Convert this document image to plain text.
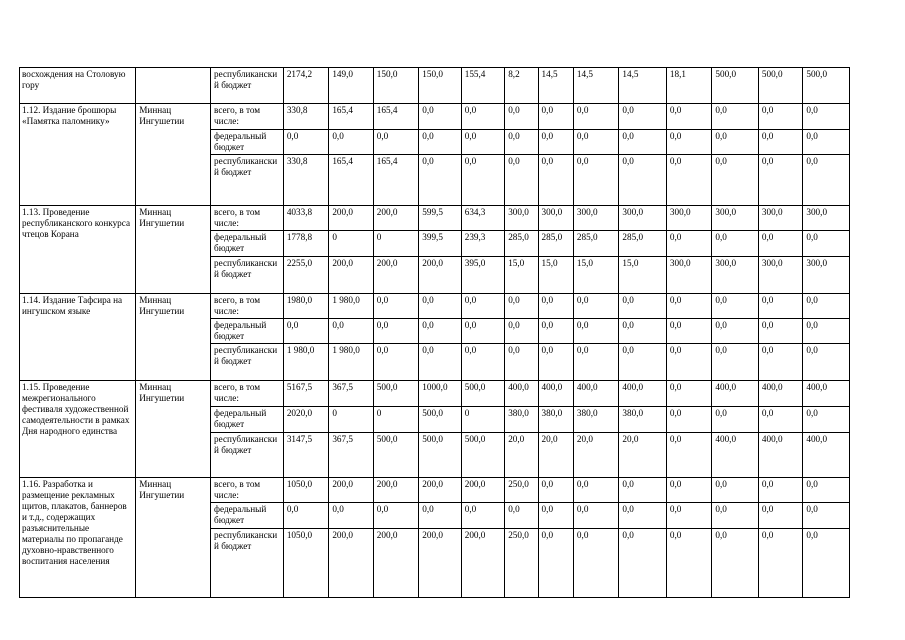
восхождения на Столовую гору		республиканский бюджет	2174,2	149,0	150,0	150,0	155,4	8,2	14,5	14,5	14,5	18,1	500,0	500,0	500,0
1.12. Издание брошюры «Памятка паломнику»	Миннац Ингушетии	всего, в том числе:	330,8	165,4	165,4	0,0	0,0	0,0	0,0	0,0	0,0	0,0	0,0	0,0	0,0
		федеральный бюджет	0,0	0,0	0,0	0,0	0,0	0,0	0,0	0,0	0,0	0,0	0,0	0,0	0,0
		республиканский бюджет	330,8	165,4	165,4	0,0	0,0	0,0	0,0	0,0	0,0	0,0	0,0	0,0	0,0
1.13. Проведение республиканского конкурса чтецов Корана	Миннац Ингушетии	всего, в том числе:	4033,8	200,0	200,0	599,5	634,3	300,0	300,0	300,0	300,0	300,0	300,0	300,0	300,0
		федеральный бюджет	1778,8	0	0	399,5	239,3	285,0	285,0	285,0	285,0	0,0	0,0	0,0	0,0
		республиканский бюджет	2255,0	200,0	200,0	200,0	395,0	15,0	15,0	15,0	15,0	300,0	300,0	300,0	300,0
1.14. Издание Тафсира на ингушском языке	Миннац Ингушетии	всего, в том числе:	1980,0	1 980,0	0,0	0,0	0,0	0,0	0,0	0,0	0,0	0,0	0,0	0,0	0,0
		федеральный бюджет	0,0	0,0	0,0	0,0	0,0	0,0	0,0	0,0	0,0	0,0	0,0	0,0	0,0
		республиканский бюджет	1 980,0	1 980,0	0,0	0,0	0,0	0,0	0,0	0,0	0,0	0,0	0,0	0,0	0,0
1.15. Проведение межрегионального фестиваля художественной самодеятельности в рамках Дня народного единства	Миннац Ингушетии	всего, в том числе:	5167,5	367,5	500,0	1000,0	500,0	400,0	400,0	400,0	400,0	0,0	400,0	400,0	400,0
		федеральный бюджет	2020,0	0	0	500,0	0	380,0	380,0	380,0	380,0	0,0	0,0	0,0	0,0
		республиканский бюджет	3147,5	367,5	500,0	500,0	500,0	20,0	20,0	20,0	20,0	0,0	400,0	400,0	400,0
1.16. Разработка и размещение рекламных щитов, плакатов, баннеров и т.д., содержащих разъяснительные материалы по пропаганде духовно-нравственного воспитания населения	Миннац Ингушетии	всего, в том числе:	1050,0	200,0	200,0	200,0	200,0	250,0	0,0	0,0	0,0	0,0	0,0	0,0	0,0
		федеральный бюджет	0,0	0,0	0,0	0,0	0,0	0,0	0,0	0,0	0,0	0,0	0,0	0,0	0,0
		республиканский бюджет	1050,0	200,0	200,0	200,0	200,0	250,0	0,0	0,0	0,0	0,0	0,0	0,0	0,0
